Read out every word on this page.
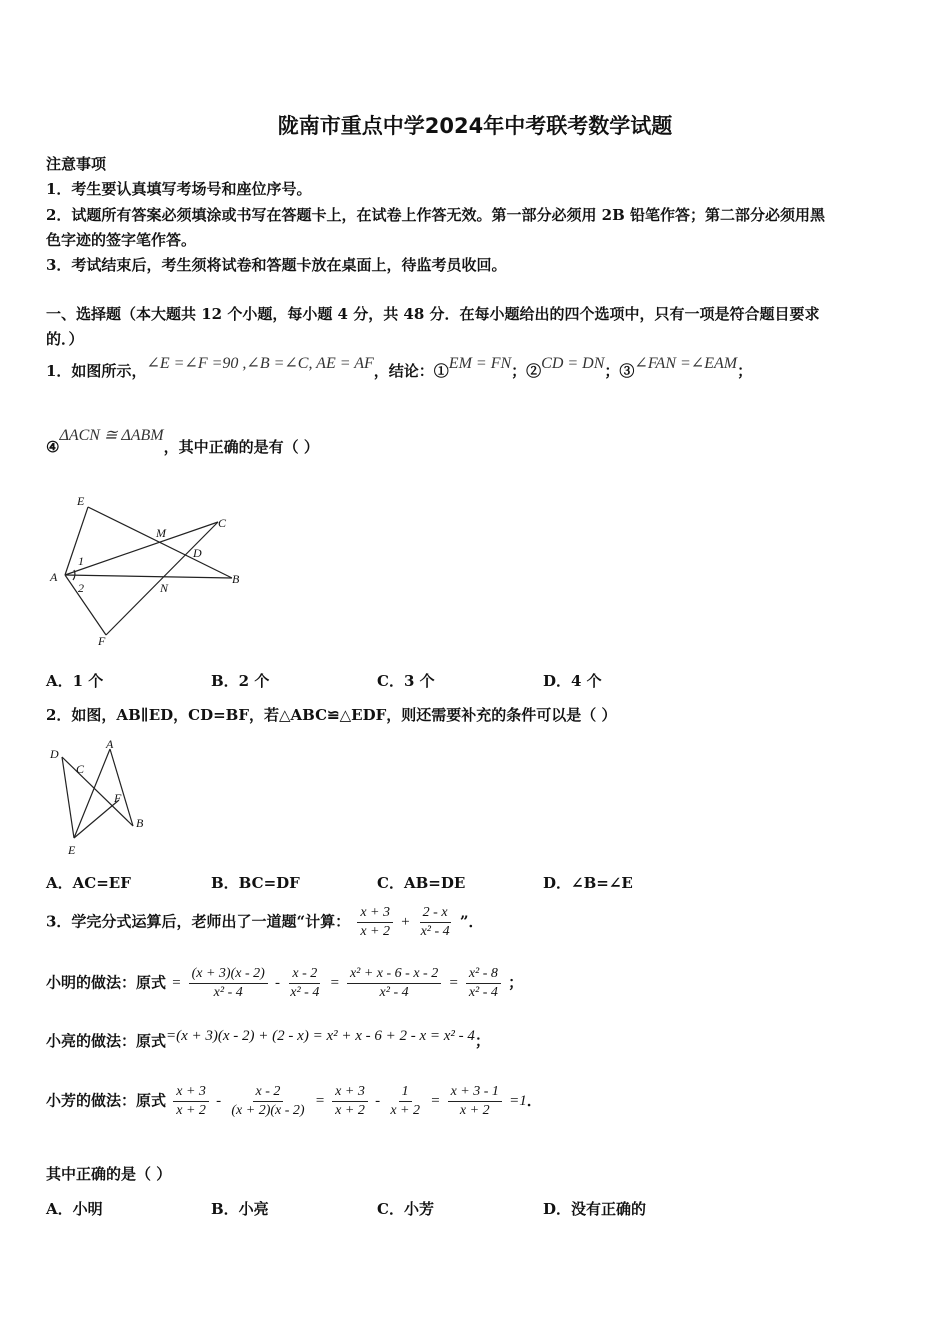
陇南市重点中学2024年中考联考数学试题
注意事项
1．考生要认真填写考场号和座位序号。
2．试题所有答案必须填涂或书写在答题卡上，在试卷上作答无效。第一部分必须用 2B 铅笔作答；第二部分必须用黑
色字迹的签字笔作答。
3．考试结束后，考生须将试卷和答题卡放在桌面上，待监考员收回。
一、选择题（本大题共 12 个小题，每小题 4 分，共 48 分．在每小题给出的四个选项中，只有一项是符合题目要求
的．）
1．如图所示，∠E =∠F =90 ,∠B =∠C, AE = AF，结论：①EM = FN；②CD = DN；③∠FAN =∠EAM；
④ΔACN ≅ ΔABM，其中正确的是有（ ）
E
M
C
D
A
1
2	N
B
F
A．1 个	B．2 个	C．3 个	D．4 个
2．如图，AB∥ED，CD=BF，若△ABC≌△EDF，则还需要补充的条件可以是（ ）
D
A
C
F
B
E
A．AC=EF	B．BC=DF	C．AB=DE	D．∠B=∠E
3．学完分式运算后，老师出了一道题“计算： $\frac{x + 3}{x + 2} + \frac{2 - x}{\text{x² - 4}}$ ”．
小明的做法：原式 = $\frac{(x + 3)(x - 2)}{\text{x² - 4}} - \frac{x - 2}{\text{x² - 4}} = \frac{\text{x² + x - 6 - x - 2}}{\text{x² - 4}} = \frac{\text{x² - 8}}{\text{x² - 4}}$ ；
小亮的做法：原式=(x + 3)(x - 2) + (2 - x) = x² + x - 6 + 2 - x = x² - 4；
小芳的做法：原式 $\frac{x + 3}{x + 2} - \frac{x - 2}{(x + 2)(x - 2)} = \frac{x + 3}{x + 2} - \frac{1}{x + 2} = \frac{x + 3 - 1}{x + 2} =1$．
其中正确的是（ ）
A．小明	B．小亮	C．小芳	D．没有正确的
